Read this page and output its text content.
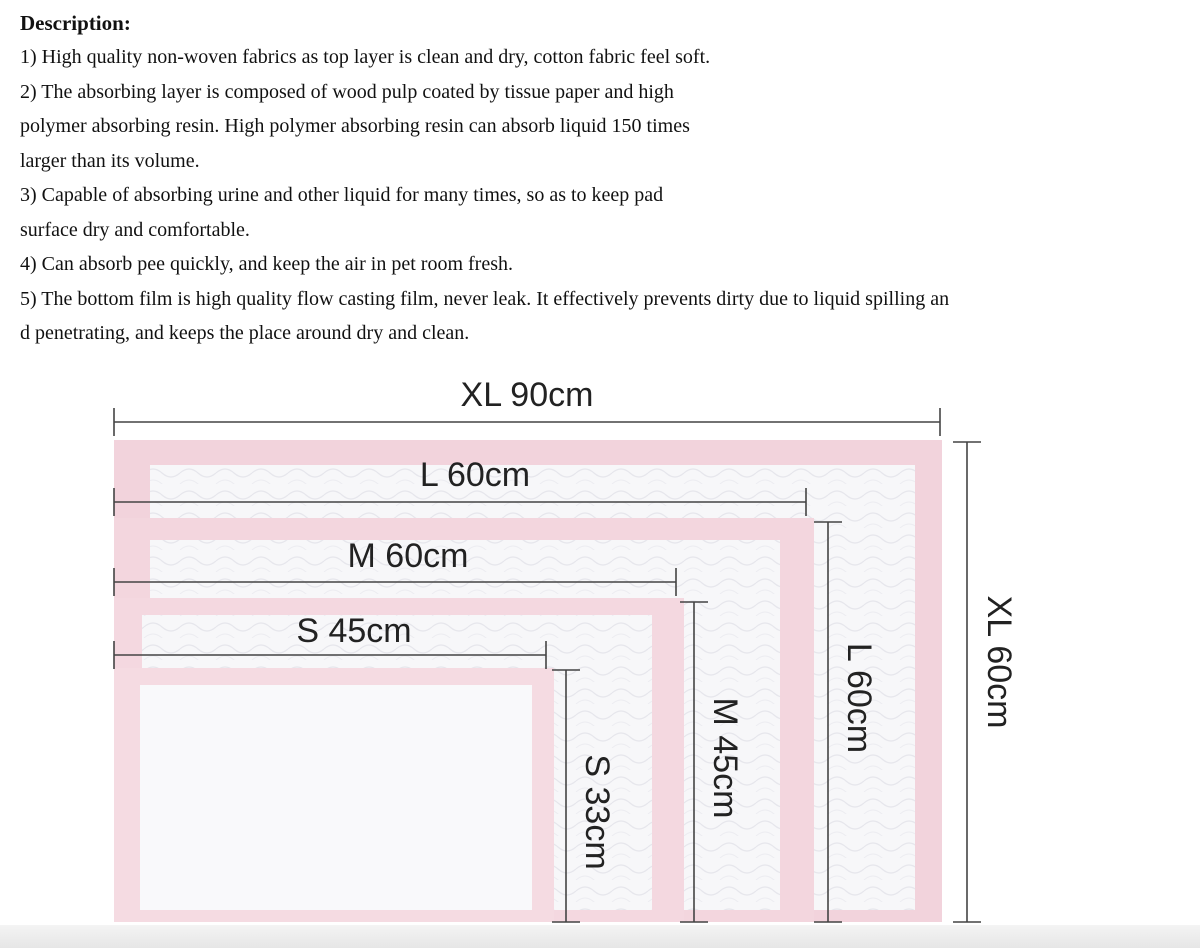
Description:

1) High quality non-woven fabrics as top layer is clean and dry, cotton fabric feel soft.

2) The absorbing layer is composed of wood pulp coated by tissue paper and high

polymer absorbing resin. High polymer absorbing resin can absorb liquid 150 times

larger than its volume.

3) Capable of absorbing urine and other liquid for many times, so as to keep pad

surface dry and comfortable.

4) Can absorb pee quickly, and keep the air in pet room fresh.

5) The bottom film is high quality flow casting film, never leak. It effectively prevents dirty due to liquid spilling an

d penetrating, and keeps the place around dry and clean.

XL 90cm
L 60cm
M 60cm
S 45cm	XL 60cm
L 60cm
M 45cm
S 33cm
